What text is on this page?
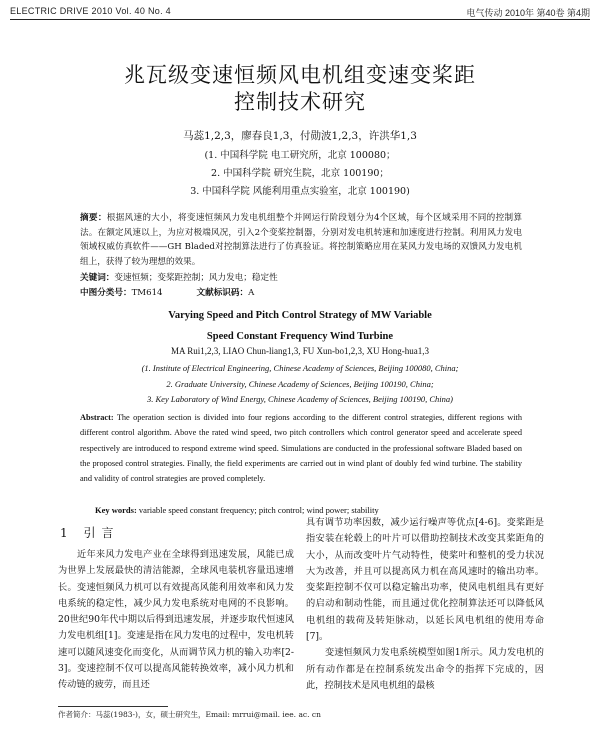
ELECTRIC DRIVE 2010 Vol. 40 No. 4	电气传动 2010年 第40卷 第4期
兆瓦级变速恒频风电机组变速变桨距
控制技术研究
马蕊1,2,3，廖春良1,3，付勋波1,2,3，许洪华1,3
(1. 中国科学院 电工研究所，北京 100080；
2. 中国科学院 研究生院，北京 100190；
3. 中国科学院 风能利用重点实验室，北京 100190)
摘要：根据风速的大小，将变速恒频风力发电机组整个并网运行阶段划分为4个区域，每个区域采用不同的控制算法。在额定风速以上，为应对极端风况，引入2个变桨控制器，分别对发电机转速和加速度进行控制。利用风力发电领域权威仿真软件——GH Bladed对控制算法进行了仿真验证。将控制策略应用在某风力发电场的双馈风力发电机组上，获得了较为理想的效果。
关键词：变速恒频；变桨距控制；风力发电；稳定性
中图分类号：TM614	文献标识码：A
Varying Speed and Pitch Control Strategy of MW Variable
Speed Constant Frequency Wind Turbine
MA Rui1,2,3, LIAO Chun-liang1,3, FU Xun-bo1,2,3, XU Hong-hua1,3
(1. Institute of Electrical Engineering, Chinese Academy of Sciences, Beijing 100080, China;
2. Graduate University, Chinese Academy of Sciences, Beijing 100190, China;
3. Key Laboratory of Wind Energy, Chinese Academy of Sciences, Beijing 100190, China)
Abstract: The operation section is divided into four regions according to the different control strategies, different regions with different control algorithm. Above the rated wind speed, two pitch controllers which control generator speed and accelerate speed respectively are introduced to respond extreme wind speed. Simulations are conducted in the professional software Bladed based on the proposed control strategies. Finally, the field experiments are carried out in wind plant of doubly fed wind turbine. The stability and validity of control strategies are proved completely.
Key words: variable speed constant frequency; pitch control; wind power; stability
1 引言
近年来风力发电产业在全球得到迅速发展，风能已成为世界上发展最快的清洁能源，全球风电装机容量迅速增长。变速恒频风力机可以有效提高风能利用效率和风力发电系统的稳定性，减少风力发电系统对电网的不良影响。20世纪90年代中期以后得到迅速发展，并逐步取代恒速风力发电机组[1]。变速是指在风力发电的过程中，发电机转速可以随风速变化而变化，从而调节风力机的输入功率[2-3]。变速控制不仅可以提高风能转换效率，减小风力机和传动链的疲劳，而且还

具有调节功率因数，减少运行噪声等优点[4-6]。变桨距是指安装在轮毂上的叶片可以借助控制技术改变其桨距角的大小，从而改变叶片气动特性，使桨叶和整机的受力状况大为改善，并且可以提高风力机在高风速时的输出功率。变桨距控制不仅可以稳定输出功率，使风电机组具有更好的启动和制动性能，而且通过优化控制算法还可以降低风电机组的载荷及转矩脉动，以延长风电机组的使用寿命[7]。

变速恒频风力发电系统模型如图1所示。风力发电机的所有动作都是在控制系统发出命令的指挥下完成的，因此，控制技术是风电机组的最核

作者简介：马蕊(1983-)，女，硕士研究生，Email: mrrui@mail. iee. ac. cn
